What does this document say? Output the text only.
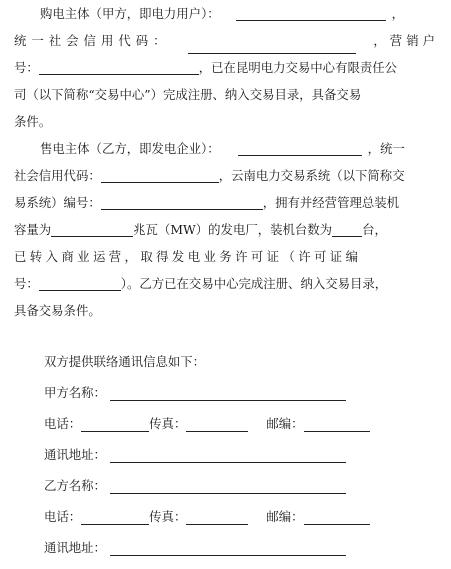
购电主体（甲方，即电力用户）：	，
统一社会信用代码：	，营销户
号：	，已在昆明电力交易中心有限责任公
司（以下简称“交易中心”）完成注册、纳入交易目录，具备交易
条件。
售电主体（乙方，即发电企业）：	，统一
社会信用代码：	，云南电力交易系统（以下简称交
易系统）编号：	，拥有并经营管理总装机
容量为	兆瓦（MW）的发电厂，装机台数为 台，
已转入商业运营，取得发电业务许可证（许可证编
号：	）。乙方已在交易中心完成注册、纳入交易目录，
具备交易条件。
双方提供联络通讯信息如下：
甲方名称：
电话：	传真：	邮编：
通讯地址：
乙方名称：
电话：	传真：	邮编：
通讯地址：
